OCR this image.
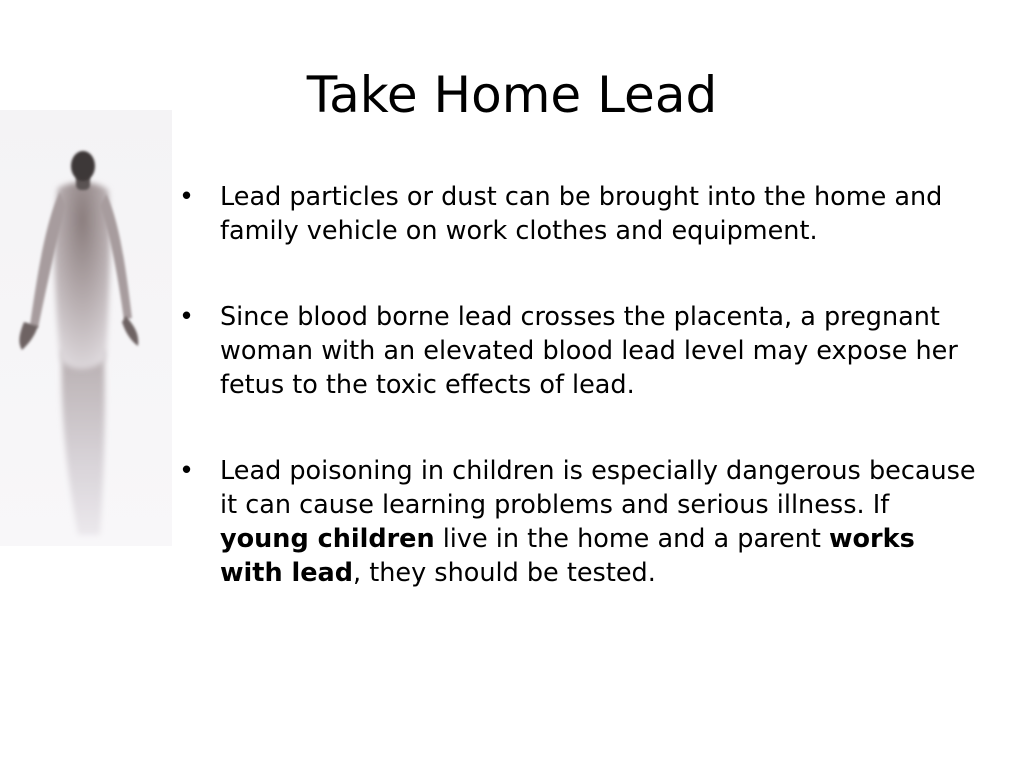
Take Home Lead
• Lead particles or dust can be brought into the home and family vehicle on work clothes and equipment.
• Since blood borne lead crosses the placenta, a pregnant woman with an elevated blood lead level may expose her fetus to the toxic effects of lead.
• Lead poisoning in children is especially dangerous because it can cause learning problems and serious illness. If young children live in the home and a parent works with lead, they should be tested.
